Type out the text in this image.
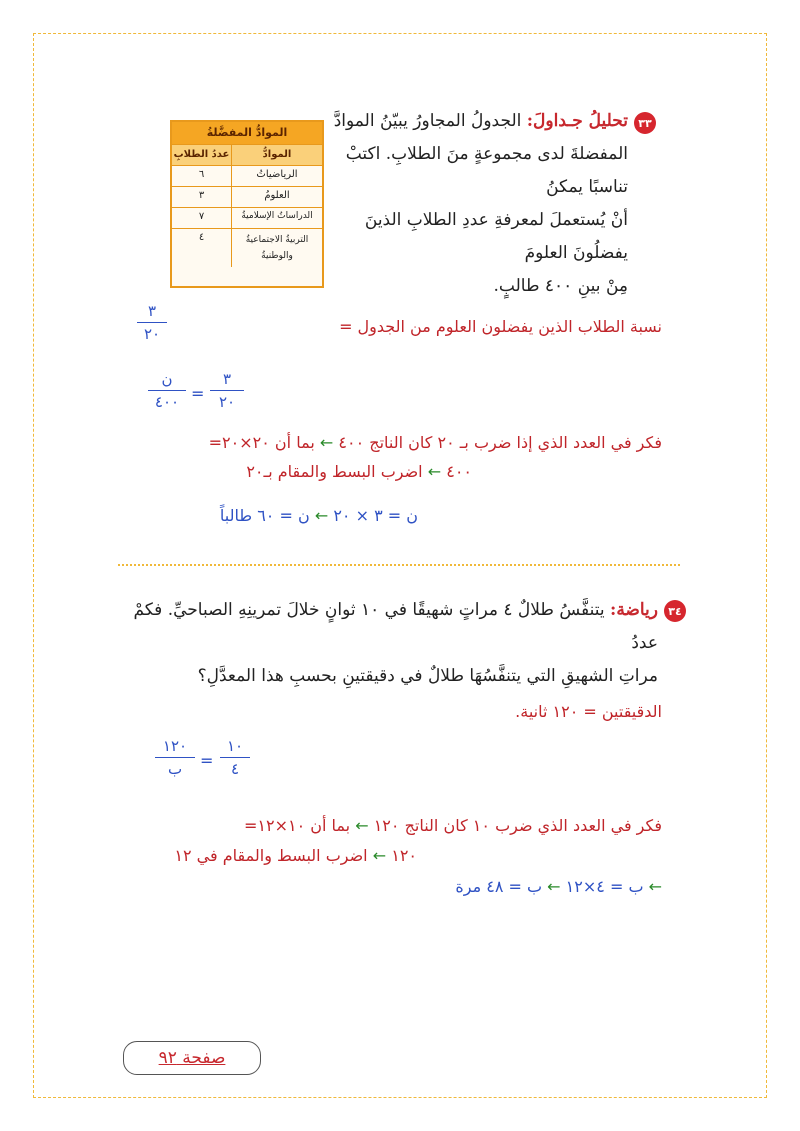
٣٣
تحليلُ جـداولَ: الجدولُ المجاورُ يبيّنُ الموادَّ
المفضلةَ لدى مجموعةٍ منَ الطلابِ. اكتبْ تناسبًا يمكنُ
أنْ يُستعملَ لمعرفةِ عددِ الطلابِ الذينَ يفضلُونَ العلومَ
مِنْ بينِ ٤٠٠ طالبٍ.
الموادُّ المفضَّلةُ
الموادُّ
عددُ الطلابِ
الرياضياتُ
٦
العلومُ
٣
الدراساتُ الإسلاميةُ
٧
التربيةُ الاجتماعيةُ والوطنيةُ
٤
نسبة الطلاب الذين يفضلون العلوم من الجدول =
٣
٢٠
٣
٢٠
=
ن
٤٠٠
فكر في العدد الذي إذا ضرب بـ ٢٠ كان الناتج ٤٠٠ ← بما أن ٢٠×٢٠=
٤٠٠ ← اضرب البسط والمقام بـ٢٠
ن = ٣ × ٢٠ ← ن = ٦٠ طالباً
٣٤
رياضة: يتنفَّسُ طلالٌ ٤ مراتٍ شهيقًا في ١٠ ثوانٍ خلالَ تمرينِهِ الصباحيِّ. فكمْ عددُ
مراتِ الشهيقِ التي يتنفَّسُهَا طلالٌ في دقيقتينِ بحسبِ هذا المعدَّلِ؟
الدقيقتين = ١٢٠ ثانية.
١٠
٤
=
١٢٠
ب
فكر في العدد الذي ضرب ١٠ كان الناتج ١٢٠ ← بما أن ١٠×١٢=
١٢٠ ← اضرب البسط والمقام في ١٢
← ب = ٤×١٢ ← ب = ٤٨ مرة
صفحة ٩٢
